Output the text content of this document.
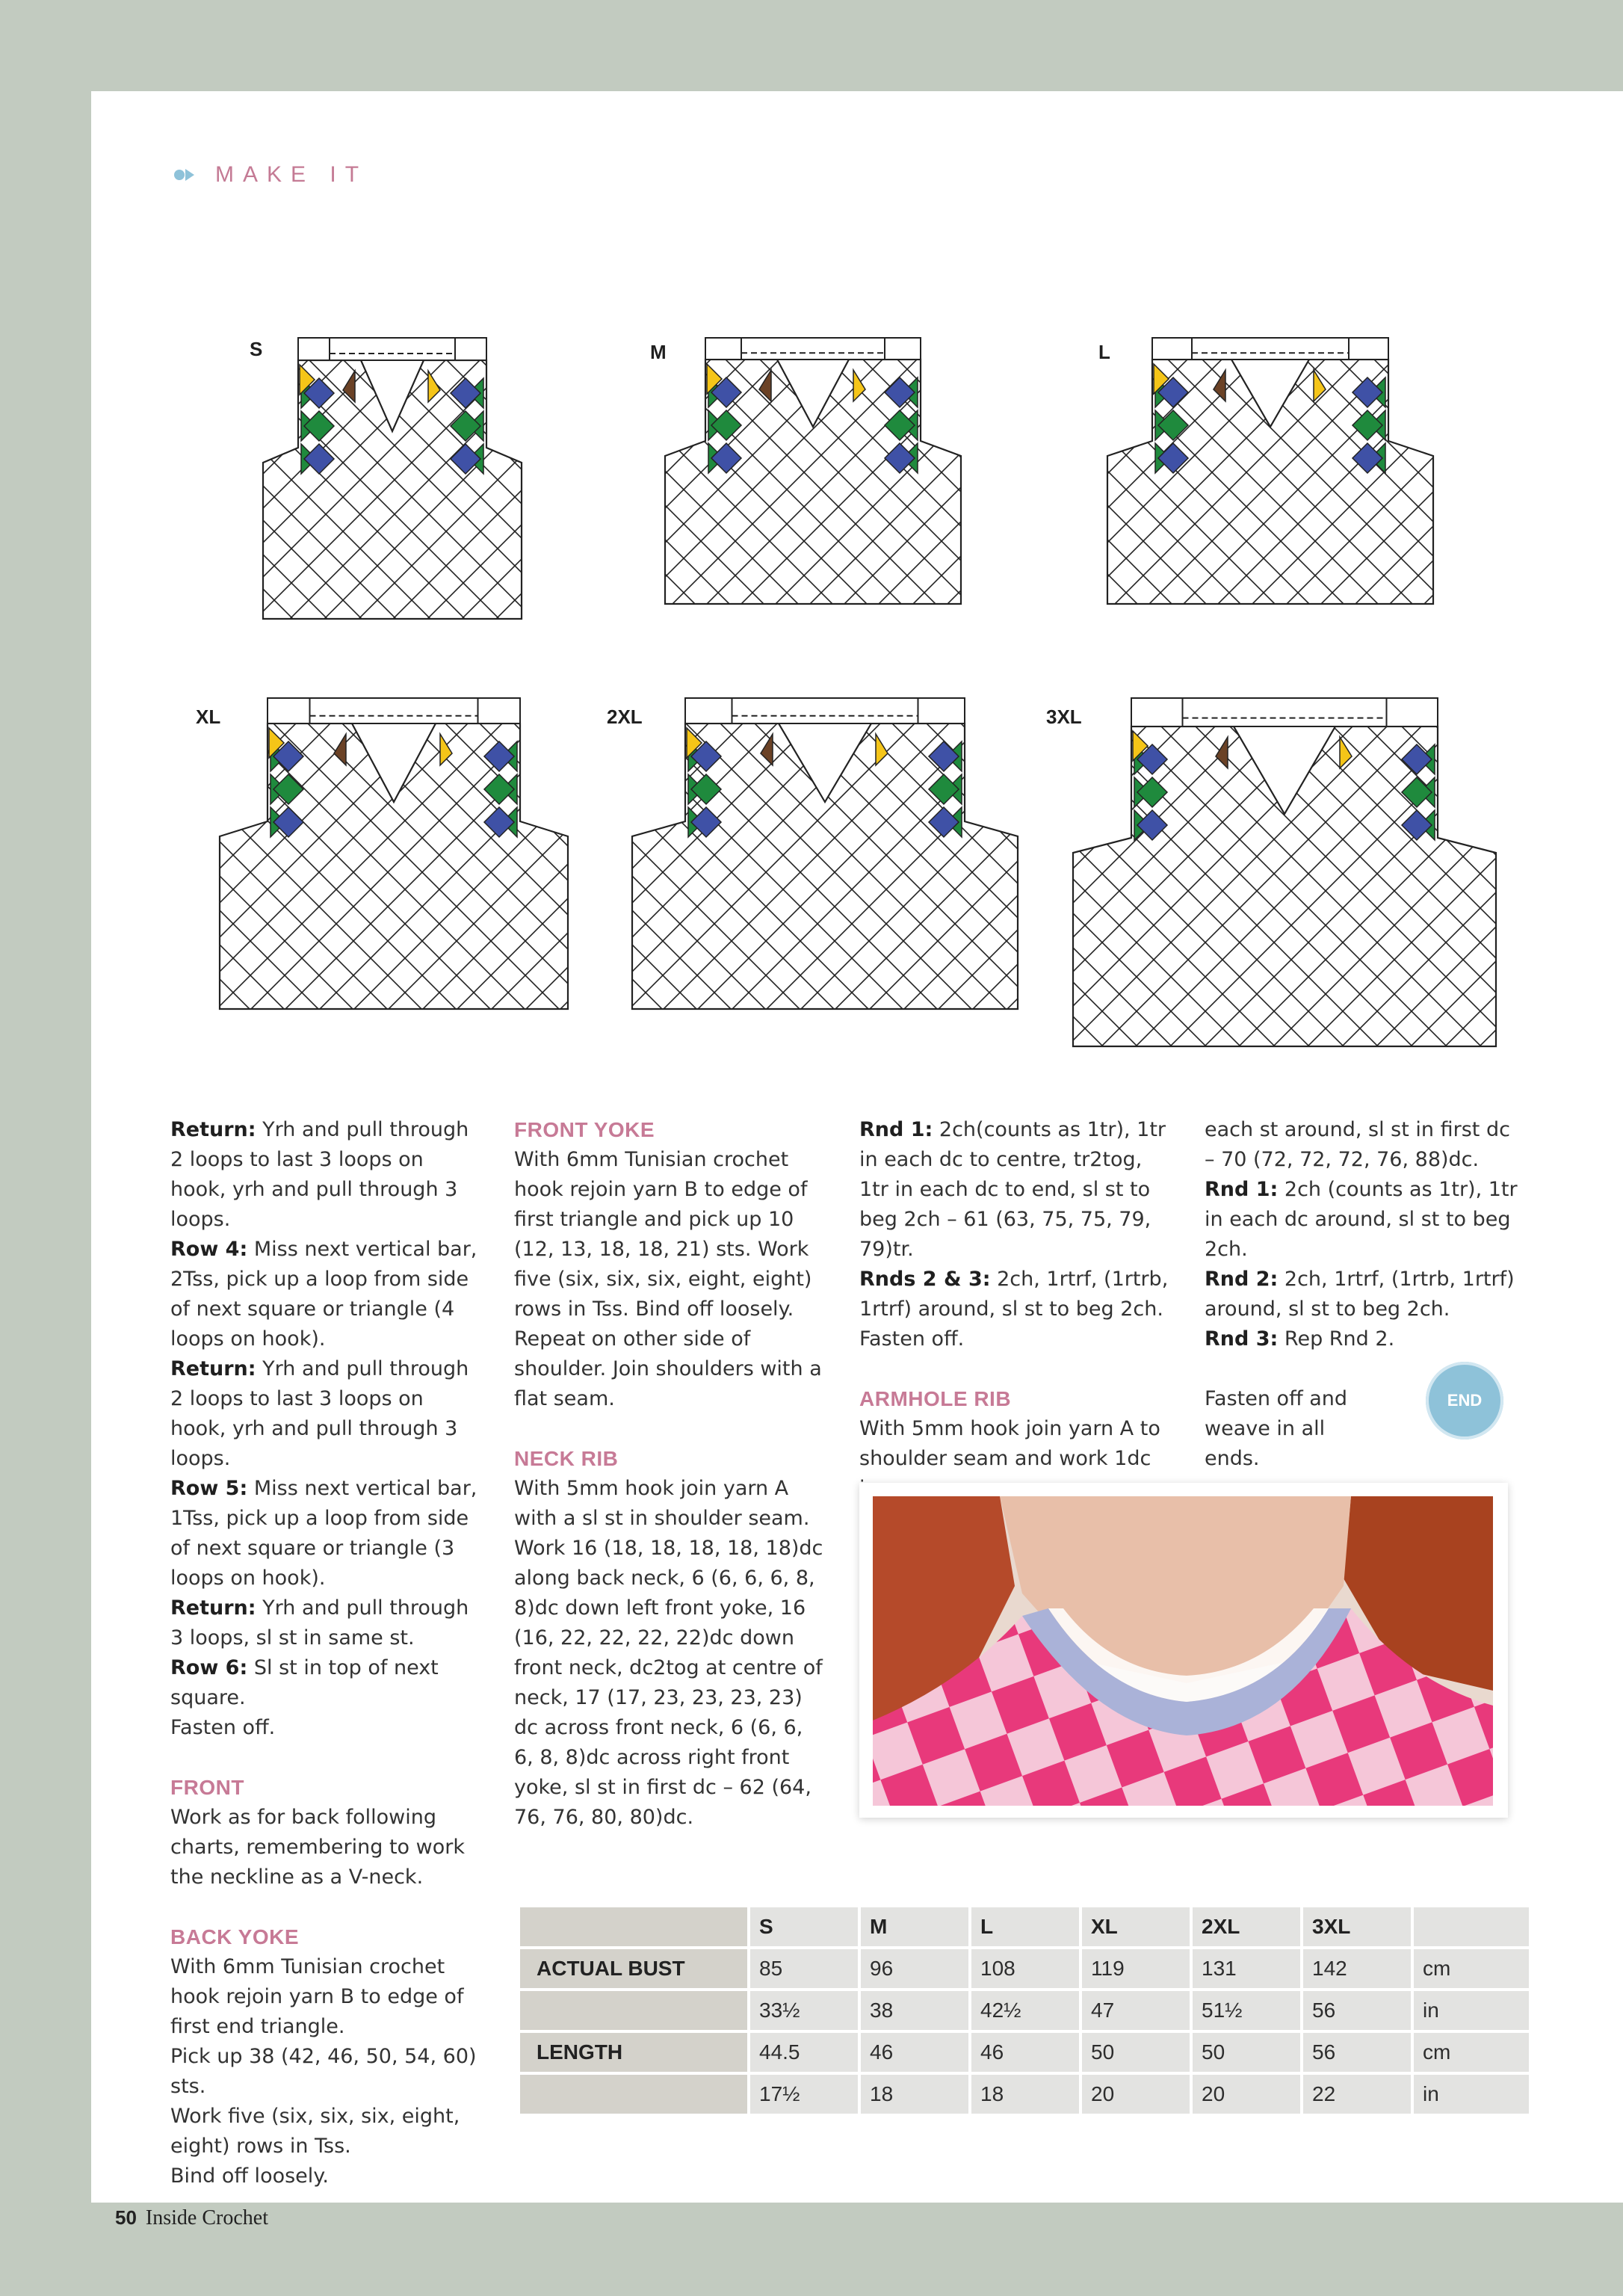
MAKE IT
S	M	L
XL	2XL	3XL

Return: Yrh and pull through 2 loops to last 3 loops on hook, yrh and pull through 3 loops.

Row 4: Miss next vertical bar, 2Tss, pick up a loop from side of next square or triangle (4 loops on hook).

Return: Yrh and pull through 2 loops to last 3 loops on hook, yrh and pull through 3 loops.

Row 5: Miss next vertical bar, 1Tss, pick up a loop from side of next square or triangle (3 loops on hook).

Return: Yrh and pull through 3 loops, sl st in same st.

Row 6: Sl st in top of next square.

Fasten off.

FRONT

Work as for back following charts, remembering to work the neckline as a V-neck.

BACK YOKE

With 6mm Tunisian crochet hook rejoin yarn B to edge of first end triangle.

Pick up 38 (42, 46, 50, 54, 60) sts.

Work five (six, six, six, eight, eight) rows in Tss.

Bind off loosely.

FRONT YOKE

With 6mm Tunisian crochet hook rejoin yarn B to edge of first triangle and pick up 10 (12, 13, 18, 18, 21) sts. Work five (six, six, six, eight, eight) rows in Tss. Bind off loosely. Repeat on other side of shoulder. Join shoulders with a flat seam.

NECK RIB

With 5mm hook join yarn A with a sl st in shoulder seam. Work 16 (18, 18, 18, 18, 18)dc along back neck, 6 (6, 6, 6, 8, 8)dc down left front yoke, 16 (16, 22, 22, 22, 22)dc down front neck, dc2tog at centre of neck, 17 (17, 23, 23, 23, 23) dc across front neck, 6 (6, 6, 6, 8, 8)dc across right front yoke, sl st in first dc – 62 (64, 76, 76, 80, 80)dc.

Rnd 1: 2ch(counts as 1tr), 1tr in each dc to centre, tr2tog, 1tr in each dc to end, sl st to beg 2ch – 61 (63, 75, 75, 79, 79)tr.

Rnds 2 & 3: 2ch, 1rtrf, (1rtrb, 1rtrf) around, sl st to beg 2ch.

Fasten off.

ARMHOLE RIB

With 5mm hook join yarn A to shoulder seam and work 1dc

each st around, sl st in first dc – 70 (72, 72, 72, 76, 88)dc.

Rnd 1: 2ch (counts as 1tr), 1tr in each dc around, sl st to beg 2ch.

Rnd 2: 2ch, 1rtrf, (1rtrb, 1rtrf) around, sl st to beg 2ch.

Rnd 3: Rep Rnd 2.

Fasten off and weave in all ends.

END
	S	M	L	XL	2XL	3XL	
ACTUAL BUST	85	96	108	119	131	142	cm
	33½	38	42½	47	51½	56	in
LENGTH	44.5	46	46	50	50	56	cm
	17½	18	18	20	20	22	in
50 Inside Crochet
